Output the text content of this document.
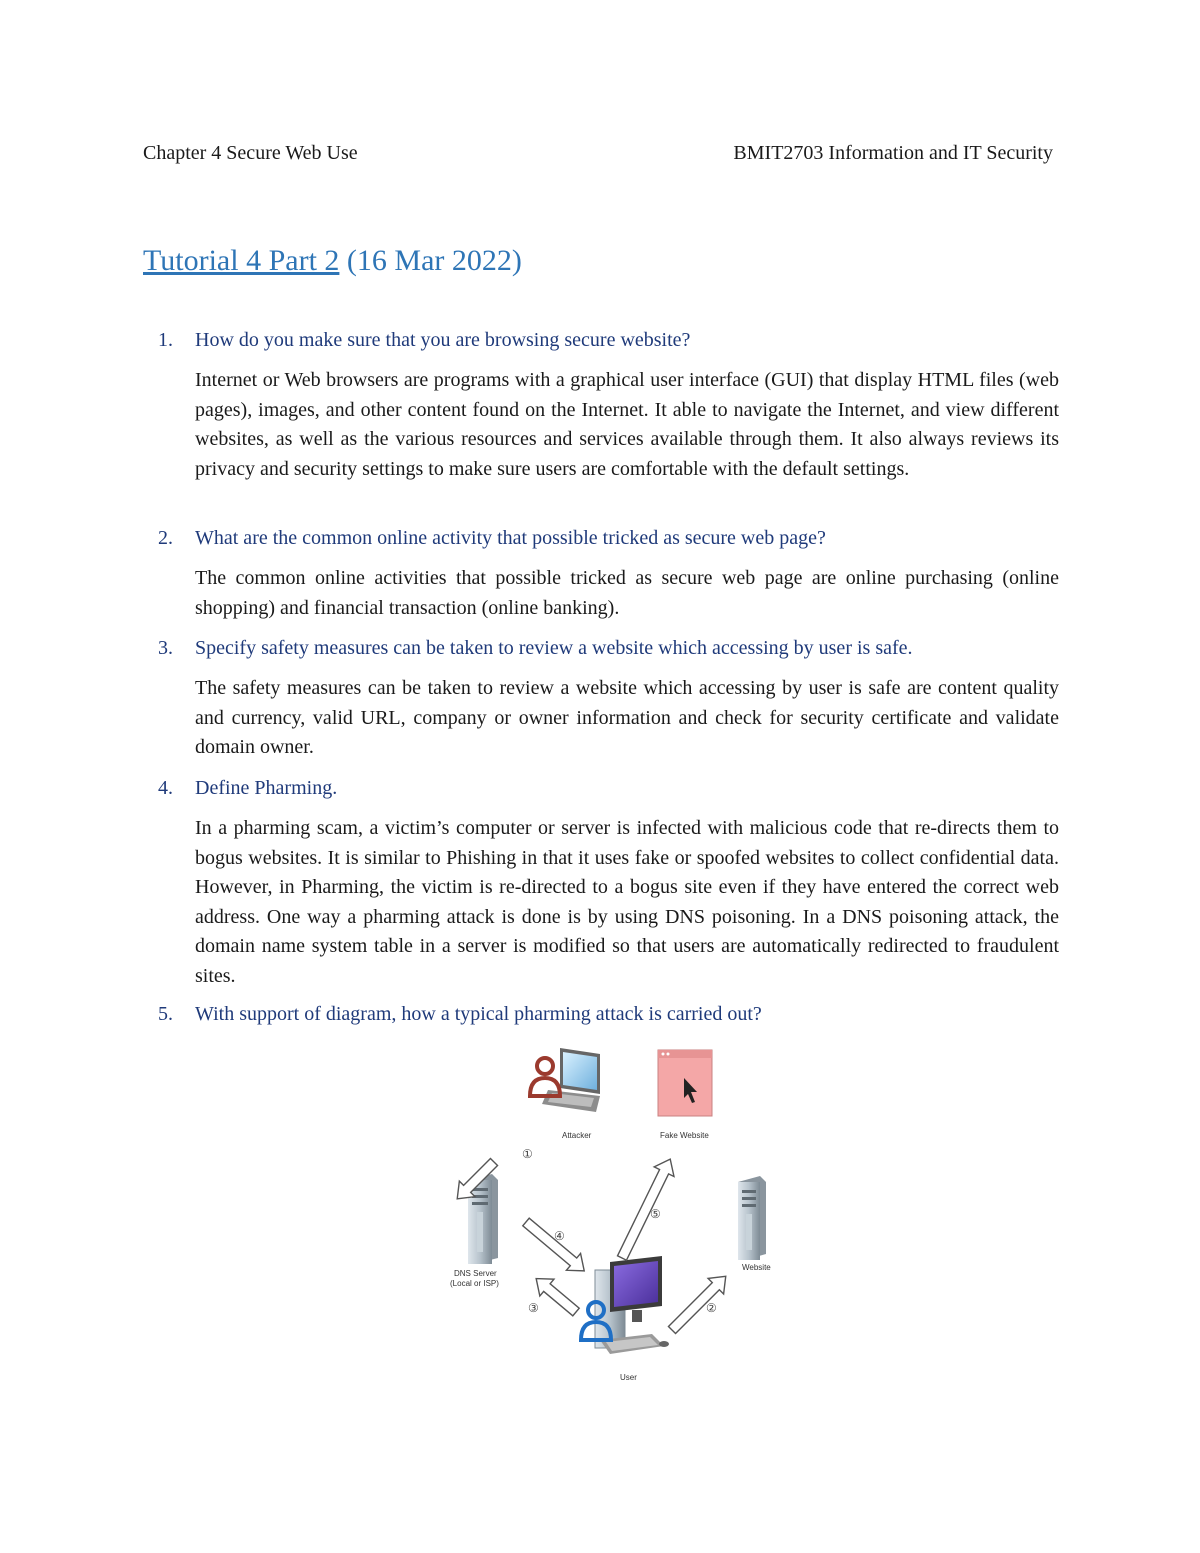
Chapter 4 Secure Web Use	BMIT2703 Information and IT Security
Tutorial 4 Part 2 (16 Mar 2022)
1. How do you make sure that you are browsing secure website?
Internet or Web browsers are programs with a graphical user interface (GUI) that display HTML files (web pages), images, and other content found on the Internet. It able to navigate the Internet, and view different websites, as well as the various resources and services available through them. It also always reviews its privacy and security settings to make sure users are comfortable with the default settings.
2. What are the common online activity that possible tricked as secure web page?
The common online activities that possible tricked as secure web page are online purchasing (online shopping) and financial transaction (online banking).
3. Specify safety measures can be taken to review a website which accessing by user is safe.
The safety measures can be taken to review a website which accessing by user is safe are content quality and currency, valid URL, company or owner information and check for security certificate and validate domain owner.
4. Define Pharming.
In a pharming scam, a victim’s computer or server is infected with malicious code that re-directs them to bogus websites. It is similar to Phishing in that it uses fake or spoofed websites to collect confidential data. However, in Pharming, the victim is re-directed to a bogus site even if they have entered the correct web address. One way a pharming attack is done is by using DNS poisoning. In a DNS poisoning attack, the domain name system table in a server is modified so that users are automatically redirected to fraudulent sites.
5. With support of diagram, how a typical pharming attack is carried out?
Attacker	Fake Website
DNS Server
(Local or ISP)
Website
User
①
④
③
⑤
②
